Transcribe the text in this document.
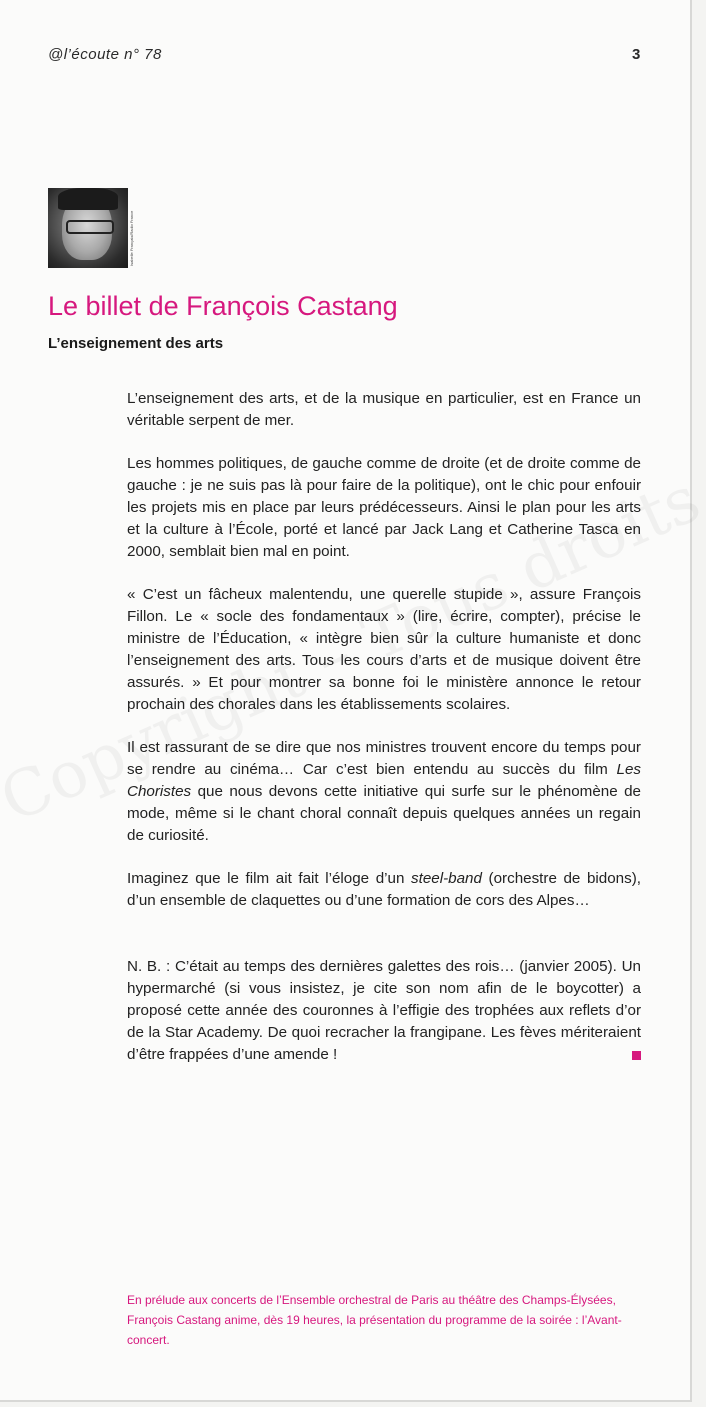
@l’écoute n° 78	3
Isabelle Françaix/Radio France
Le billet de François Castang
L’enseignement des arts

L’enseignement des arts, et de la musique en particulier, est en France un véritable serpent de mer.

Les hommes politiques, de gauche comme de droite (et de droite comme de gauche : je ne suis pas là pour faire de la politique), ont le chic pour enfouir les projets mis en place par leurs prédécesseurs. Ainsi le plan pour les arts et la culture à l’École, porté et lancé par Jack Lang et Catherine Tasca en 2000, semblait bien mal en point.

« C’est un fâcheux malentendu, une querelle stupide », assure François Fillon. Le « socle des fondamentaux » (lire, écrire, compter), précise le ministre de l’Éducation, « intègre bien sûr la culture humaniste et donc l’enseignement des arts. Tous les cours d’arts et de musique doivent être assurés. » Et pour montrer sa bonne foi le ministère annonce le retour prochain des chorales dans les établissements scolaires.

Il est rassurant de se dire que nos ministres trouvent encore du temps pour se rendre au cinéma… Car c’est bien entendu au succès du film Les Choristes que nous devons cette initiative qui surfe sur le phénomène de mode, même si le chant choral connaît depuis quelques années un regain de curiosité.

Imaginez que le film ait fait l’éloge d’un steel-band (orchestre de bidons), d’un ensemble de claquettes ou d’une formation de cors des Alpes…

N. B. : C’était au temps des dernières galettes des rois… (janvier 2005). Un hypermarché (si vous insistez, je cite son nom afin de le boycotter) a proposé cette année des couronnes à l’effigie des trophées aux reflets d’or de la Star Academy. De quoi recracher la frangipane. Les fèves mériteraient d’être frappées d’une amende !

En prélude aux concerts de l’Ensemble orchestral de Paris au théâtre des Champs-Élysées, François Castang anime, dès 19 heures, la présentation du programme de la soirée : l’Avant-concert.
